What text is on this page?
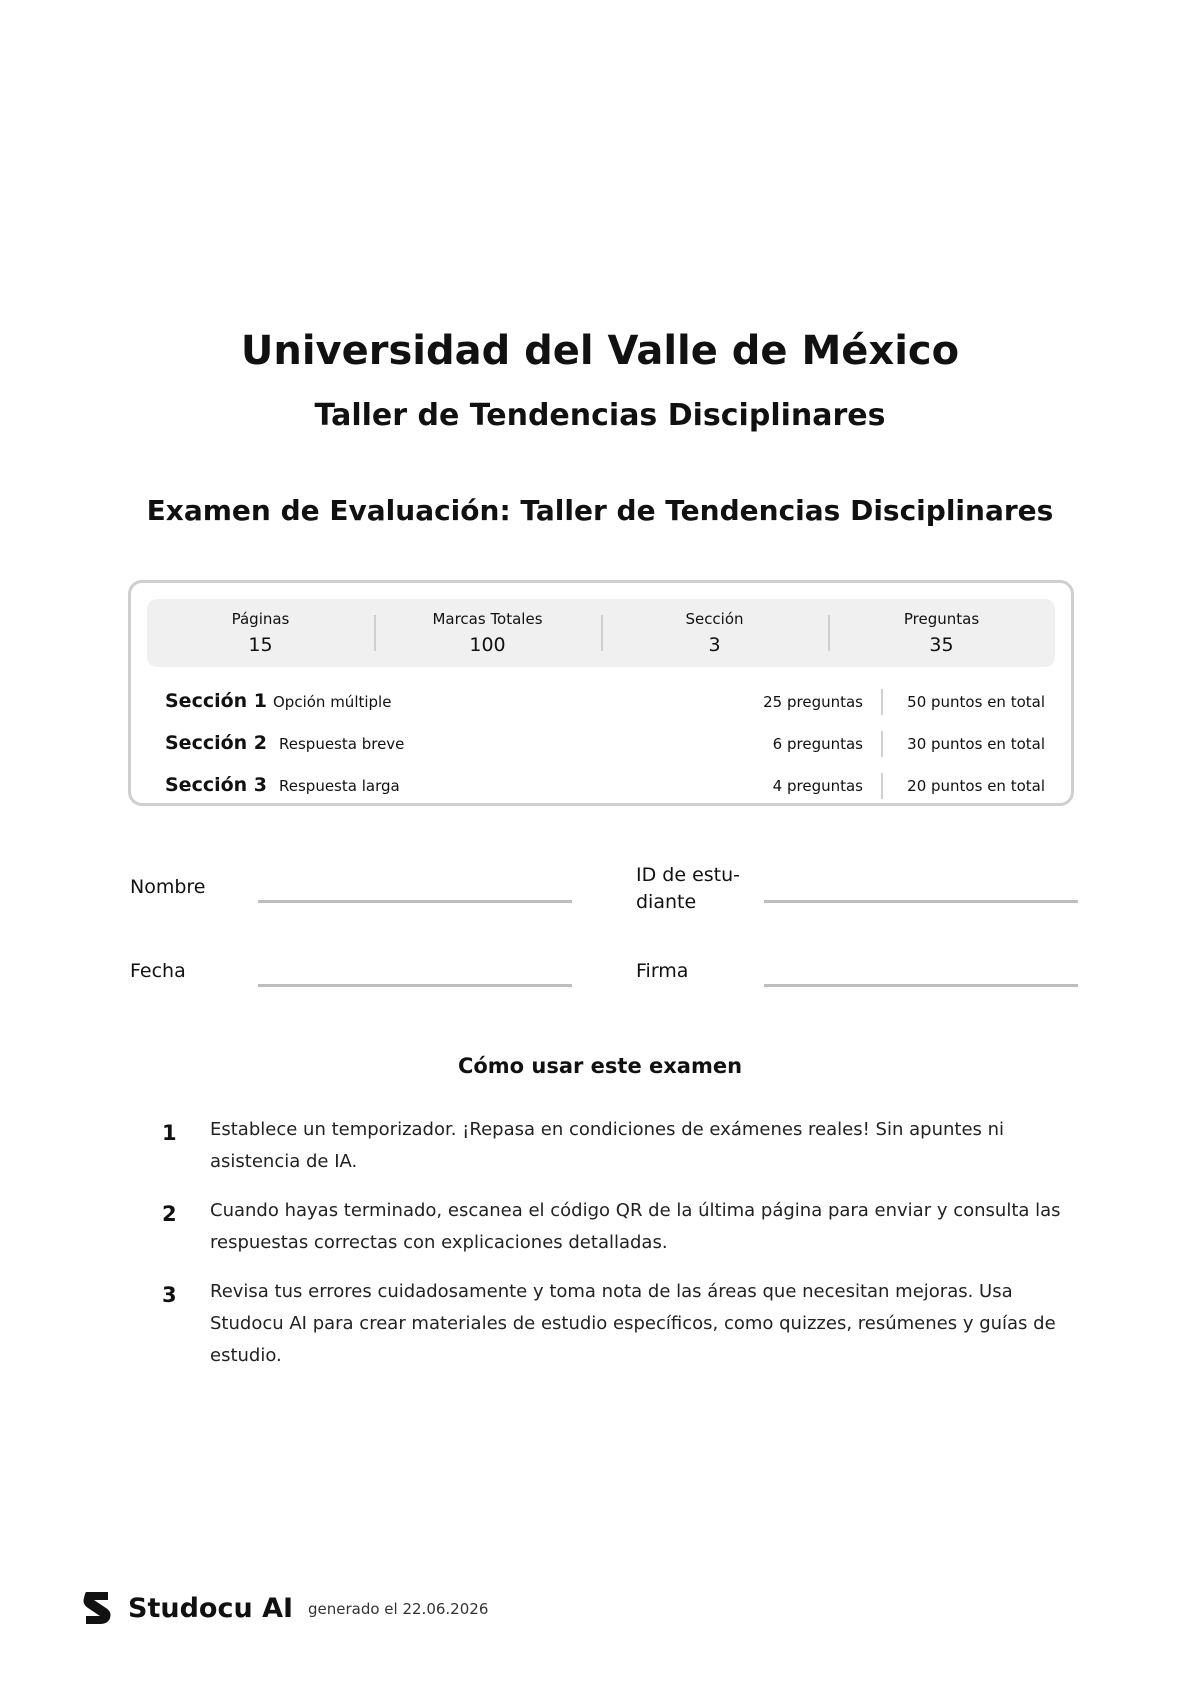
Universidad del Valle de México
Taller de Tendencias Disciplinares
Examen de Evaluación: Taller de Tendencias Disciplinares
Páginas
15
Marcas Totales
100
Sección
3
Preguntas
35
Sección 1 Opción múltiple	25 preguntas	50 puntos en total
Sección 2 Respuesta breve	6 preguntas	30 puntos en total
Sección 3 Respuesta larga	4 preguntas	20 puntos en total
Nombre
ID de estu-
diante
Fecha	Firma
Cómo usar este examen
1 Establece un temporizador. ¡Repasa en condiciones de exámenes reales! Sin apuntes ni asistencia de IA.
2 Cuando hayas terminado, escanea el código QR de la última página para enviar y consulta las respuestas correctas con explicaciones detalladas.
3 Revisa tus errores cuidadosamente y toma nota de las áreas que necesitan mejoras. Usa Studocu AI para crear materiales de estudio específicos, como quizzes, resúmenes y guías de estudio.
Studocu AI generado el 22.06.2026
